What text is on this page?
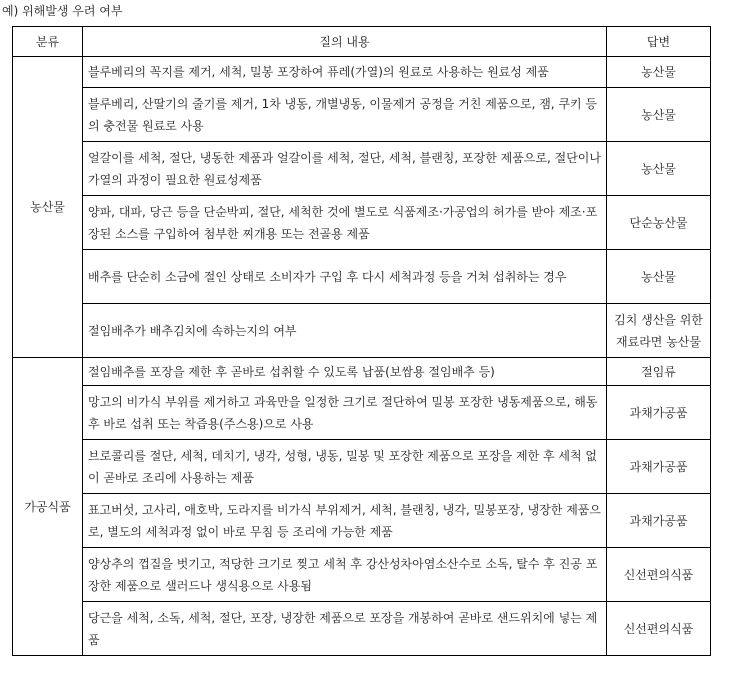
예) 위해발생 우려 여부
분류	질의 내용	답변
농산물	블루베리의 꼭지를 제거, 세척, 밀봉 포장하여 퓨레(가열)의 원료로 사용하는 원료성 제품	농산물
	블루베리, 산딸기의 줄기를 제거, 1차 냉동, 개별냉동, 이물제거 공정을 거친 제품으로, 잼, 쿠키 등의 충전물 원료로 사용	농산물
	얼갈이를 세척, 절단, 냉동한 제품과 얼갈이를 세척, 절단, 세척, 블랜칭, 포장한 제품으로, 절단이나 가열의 과정이 필요한 원료성제품	농산물
	양파, 대파, 당근 등을 단순박피, 절단, 세척한 것에 별도로 식품제조·가공업의 허가를 받아 제조·포장된 소스를 구입하여 첨부한 찌개용 또는 전골용 제품	단순농산물
	배추를 단순히 소금에 절인 상태로 소비자가 구입 후 다시 세척과정 등을 거쳐 섭취하는 경우	농산물
	절임배추가 배추김치에 속하는지의 여부	김치 생산을 위한 재료라면 농산물
가공식품	절임배추를 포장을 제한 후 곧바로 섭취할 수 있도록 납품(보쌈용 절임배추 등)	절임류
	망고의 비가식 부위를 제거하고 과육만을 일정한 크기로 절단하여 밀봉 포장한 냉동제품으로, 해동 후 바로 섭취 또는 착즙용(주스용)으로 사용	과채가공품
	브로콜리를 절단, 세척, 데치기, 냉각, 성형, 냉동, 밀봉 및 포장한 제품으로 포장을 제한 후 세척 없이 곧바로 조리에 사용하는 제품	과채가공품
	표고버섯, 고사리, 애호박, 도라지를 비가식 부위제거, 세척, 블랜칭, 냉각, 밀봉포장, 냉장한 제품으로, 별도의 세척과정 없이 바로 무침 등 조리에 가능한 제품	과채가공품
	양상추의 껍질을 벗기고, 적당한 크기로 찢고 세척 후 강산성차아염소산수로 소독, 탈수 후 진공 포장한 제품으로 샐러드나 생식용으로 사용됨	신선편의식품
	당근을 세척, 소독, 세척, 절단, 포장, 냉장한 제품으로 포장을 개봉하여 곧바로 샌드위치에 넣는 제품	신선편의식품
